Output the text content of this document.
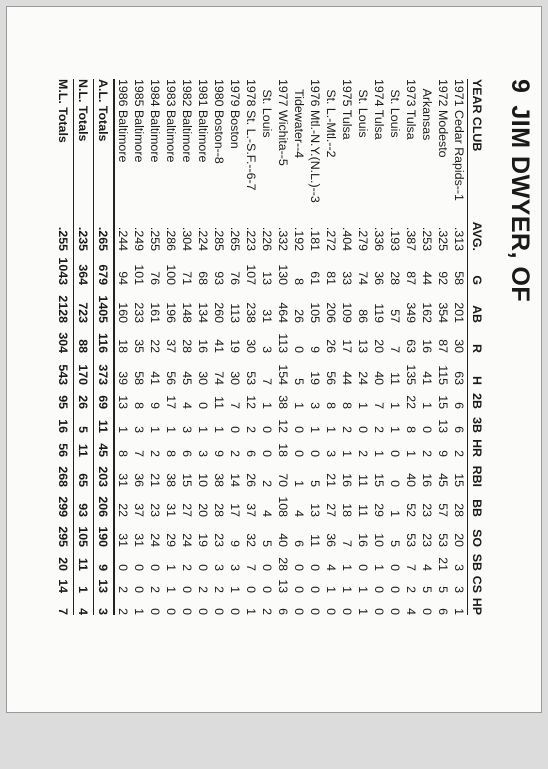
9JIM DWYER, OF
YEAR CLUB	AVG.	G	AB	R	H	2B	3B	HR	RBI	BB	SO	SB	CS	HP
1971 Cedar Rapids--1	.313	58	201	30	63	6	6	2	15	28	20	3	3	1
1972 Modesto	.325	92	354	87	115	15	13	9	45	57	53	21	5	6
Arkansas	.253	44	162	16	41	1	0	2	16	23	23	4	5	0
1973 Tulsa	.387	87	349	63	135	22	8	1	40	52	53	7	2	4
St. Louis	.193	28	57	7	11	1	1	0	0	1	5	0	0	0
1974 Tulsa	.336	36	119	20	40	7	2	1	15	29	10	1	0	0
St. Louis	.279	74	86	13	24	1	0	2	11	11	16	0	1	1
1975 Tulsa	.404	33	109	17	44	8	2	1	16	18	7	1	1	0
St. L.-Mtl.--2	.272	81	206	26	56	8	1	3	21	27	36	4	1	0
1976 Mtl.-N.Y.(N.L.)--3	.181	61	105	9	19	3	1	0	5	13	11	0	0	0
Tidewater--4	.192	8	26	0	5	1	0	0	1	4	6	0	0	0
1977 Wichita--5	.332	130	464	113	154	38	12	18	70	108	40	28	13	6
St. Louis	.226	13	31	3	7	1	0	0	2	4	5	0	0	2
1978 St. L.-S.F.--6-7	.223	107	238	30	53	12	2	6	26	37	32	7	0	1
1979 Boston	.265	76	113	19	30	7	0	2	14	17	9	3	1	0
1980 Boston--8	.285	93	260	41	74	11	1	9	38	28	23	3	2	0
1981 Baltimore	.224	68	134	16	30	0	1	3	10	20	19	0	2	0
1982 Baltimore	.304	71	148	28	45	4	3	6	15	27	24	2	0	0
1983 Baltimore	.286	100	196	37	56	17	1	8	38	31	29	1	1	0
1984 Baltimore	.255	76	161	22	41	9	1	2	21	23	24	0	2	0
1985 Baltimore	.249	101	233	35	58	8	3	7	36	37	31	0	0	1
1986 Baltimore	.244	94	160	18	39	13	1	8	31	22	31	0	2	2
A.L. Totals	.265	679	1405	116	373	69	11	45	203	206	190	9	13	3
N.L. Totals	.235	364	723	88	170	26	5	11	65	93	105	11	1	4
M.L. Totals	.255	1043	2128	304	543	95	16	56	268	299	295	20	14	7
